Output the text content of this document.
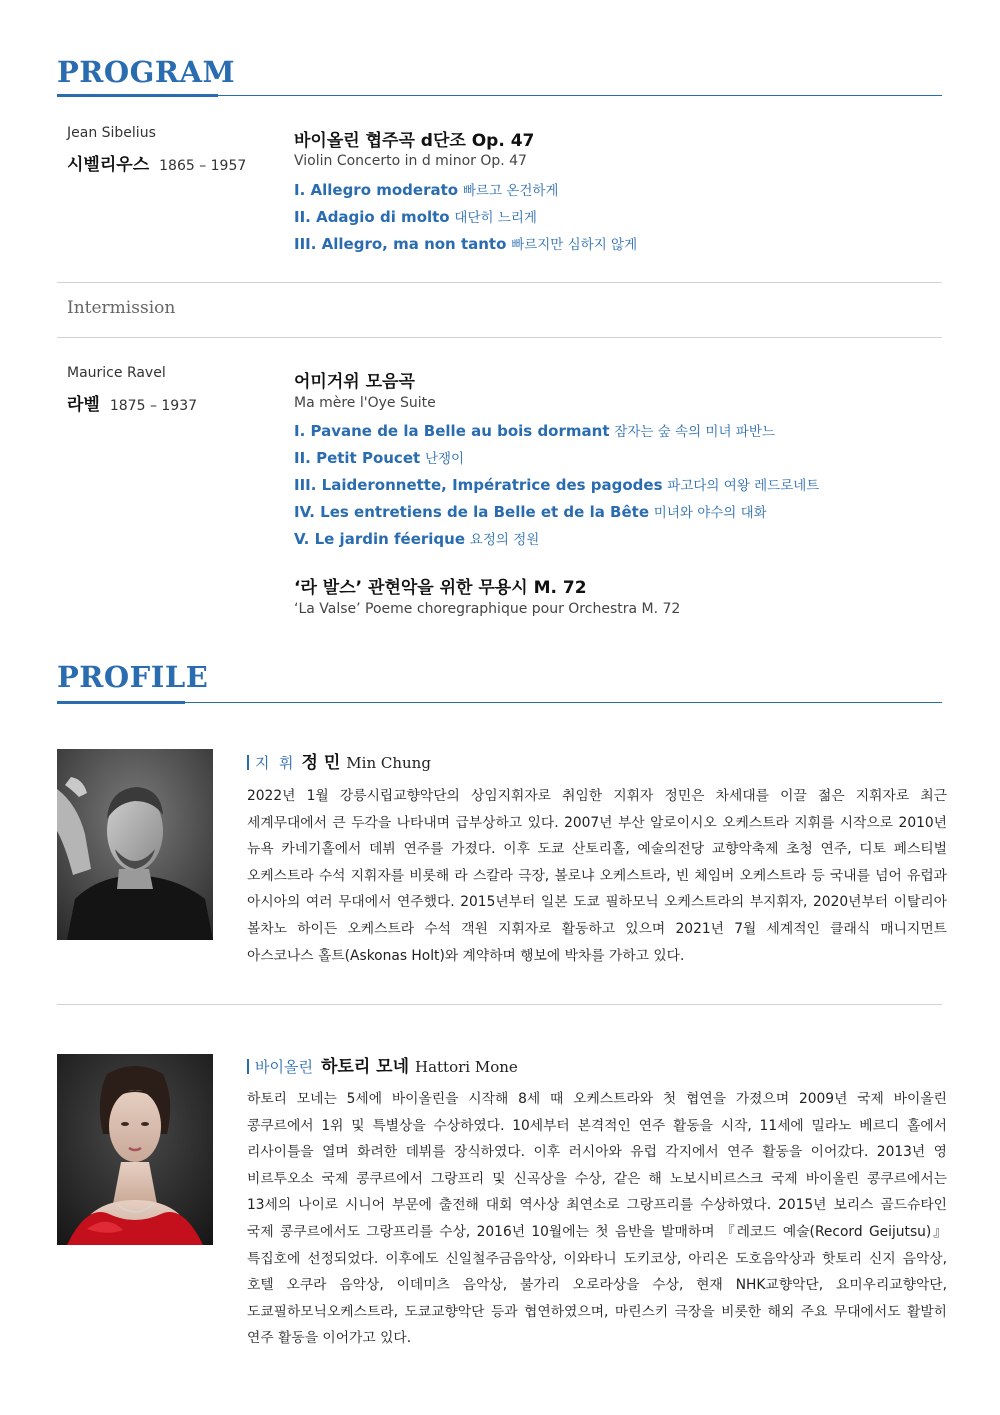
PROGRAM
Jean Sibelius
시벨리우스 1865 – 1957
바이올린 협주곡 d단조 Op. 47
Violin Concerto in d minor Op. 47
I. Allegro moderato 빠르고 온건하게
II. Adagio di molto 대단히 느리게
III. Allegro, ma non tanto 빠르지만 심하지 않게
Intermission
Maurice Ravel
라벨 1875 – 1937
어미거위 모음곡
Ma mère l'Oye Suite
I. Pavane de la Belle au bois dormant 잠자는 숲 속의 미녀 파반느
II. Petit Poucet 난쟁이
III. Laideronnette, Impératrice des pagodes 파고다의 여왕 레드로네트
IV. Les entretiens de la Belle et de la Bête 미녀와 야수의 대화
V. Le jardin féerique 요정의 정원
‘라 발스’ 관현악을 위한 무용시 M. 72
‘La Valse’ Poeme choregraphique pour Orchestra M. 72
PROFILE
지  휘 정 민 Min Chung
2022년 1월 강릉시립교향악단의 상임지휘자로 취임한 지휘자 정민은 차세대를 이끌 젊은 지휘자로 최근 세계무대에서 큰 두각을 나타내며 급부상하고 있다. 2007년 부산 알로이시오 오케스트라 지휘를 시작으로 2010년 뉴욕 카네기홀에서 데뷔 연주를 가졌다. 이후 도쿄 산토리홀, 예술의전당 교향악축제 초청 연주, 디토 페스티벌 오케스트라 수석 지휘자를 비롯해 라 스칼라 극장, 볼로냐 오케스트라, 빈 체임버 오케스트라 등 국내를 넘어 유럽과 아시아의 여러 무대에서 연주했다. 2015년부터 일본 도쿄 필하모닉 오케스트라의 부지휘자, 2020년부터 이탈리아 볼차노 하이든 오케스트라 수석 객원 지휘자로 활동하고 있으며 2021년 7월 세계적인 클래식 매니지먼트 아스코나스 홀트(Askonas Holt)와 계약하며 행보에 박차를 가하고 있다.
바이올린 하토리 모네 Hattori Mone
하토리 모네는 5세에 바이올린을 시작해 8세 때 오케스트라와 첫 협연을 가졌으며 2009년 국제 바이올린 콩쿠르에서 1위 및 특별상을 수상하였다. 10세부터 본격적인 연주 활동을 시작, 11세에 밀라노 베르디 홀에서 리사이틀을 열며 화려한 데뷔를 장식하였다. 이후 러시아와 유럽 각지에서 연주 활동을 이어갔다. 2013년 영 비르투오소 국제 콩쿠르에서 그랑프리 및 신곡상을 수상, 같은 해 노보시비르스크 국제 바이올린 콩쿠르에서는 13세의 나이로 시니어 부문에 출전해 대회 역사상 최연소로 그랑프리를 수상하였다. 2015년 보리스 골드슈타인 국제 콩쿠르에서도 그랑프리를 수상, 2016년 10월에는 첫 음반을 발매하며 『레코드 예술(Record Geijutsu)』 특집호에 선정되었다. 이후에도 신일철주금음악상, 이와타니 도키코상, 아리온 도호음악상과 핫토리 신지 음악상, 호텔 오쿠라 음악상, 이데미츠 음악상, 불가리 오로라상을 수상, 현재 NHK교향악단, 요미우리교향악단, 도쿄필하모닉오케스트라, 도쿄교향악단 등과 협연하였으며, 마린스키 극장을 비롯한 해외 주요 무대에서도 활발히 연주 활동을 이어가고 있다.
